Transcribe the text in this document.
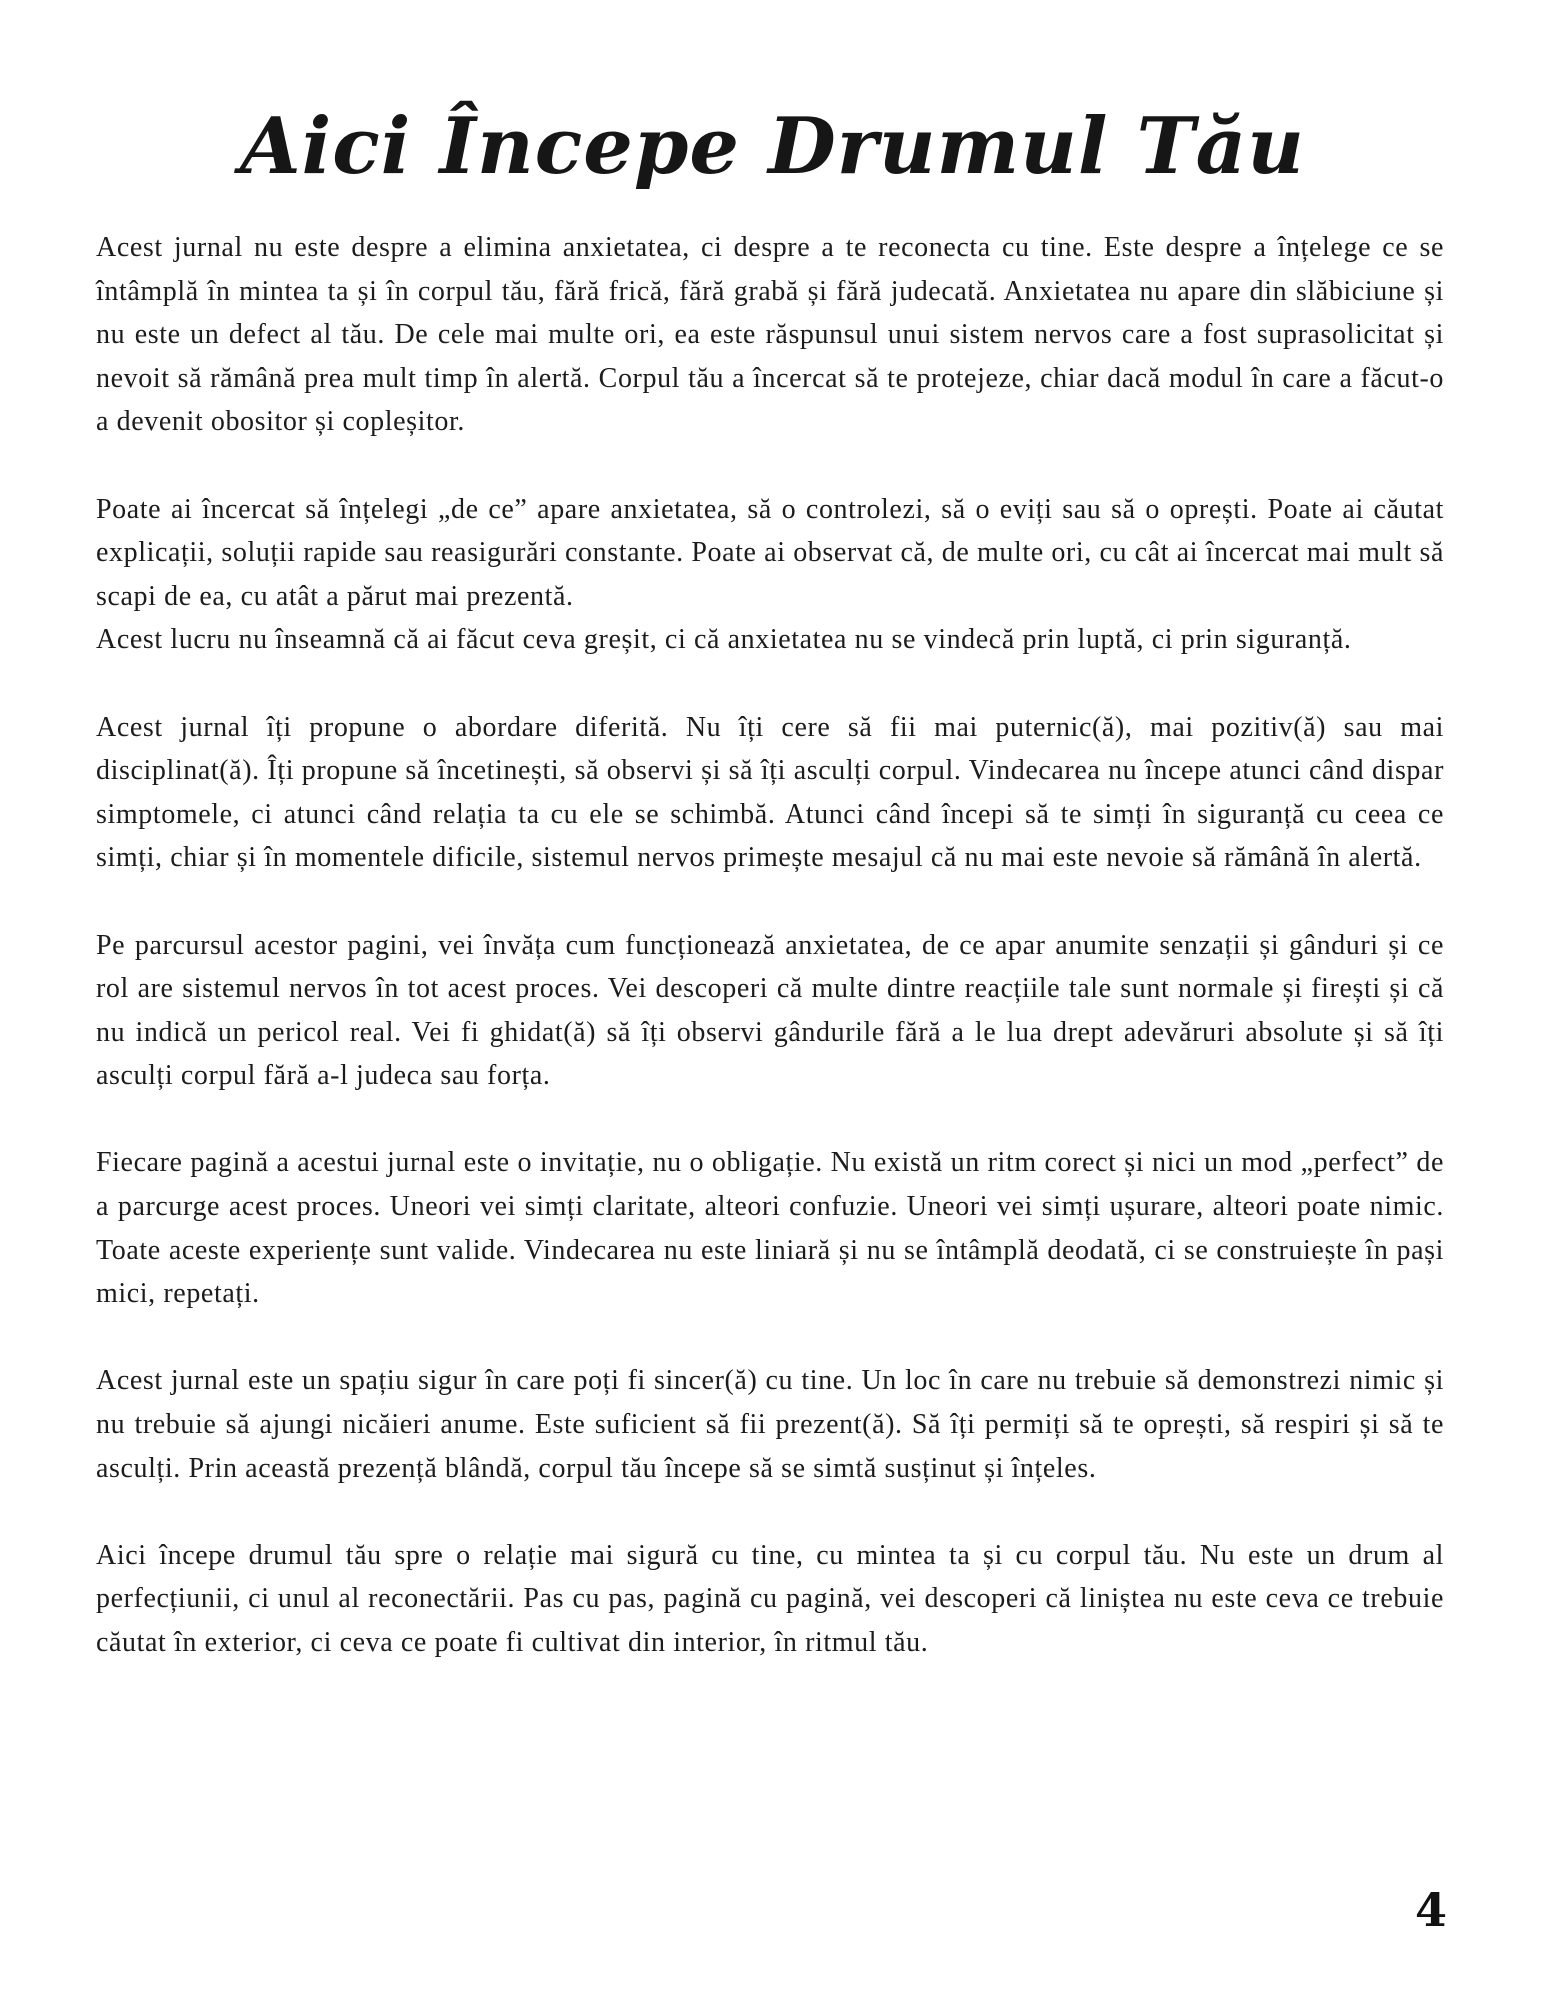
Aici Începe Drumul Tău

Acest jurnal nu este despre a elimina anxietatea, ci despre a te reconecta cu tine. Este despre a înțelege ce se întâmplă în mintea ta și în corpul tău, fără frică, fără grabă și fără judecată. Anxietatea nu apare din slăbiciune și nu este un defect al tău. De cele mai multe ori, ea este răspunsul unui sistem nervos care a fost suprasolicitat și nevoit să rămână prea mult timp în alertă. Corpul tău a încercat să te protejeze, chiar dacă modul în care a făcut-o a devenit obositor și copleșitor.

Poate ai încercat să înțelegi „de ce” apare anxietatea, să o controlezi, să o eviți sau să o oprești. Poate ai căutat explicații, soluții rapide sau reasigurări constante. Poate ai observat că, de multe ori, cu cât ai încercat mai mult să scapi de ea, cu atât a părut mai prezentă.

Acest lucru nu înseamnă că ai făcut ceva greșit, ci că anxietatea nu se vindecă prin luptă, ci prin siguranță.

Acest jurnal îți propune o abordare diferită. Nu îți cere să fii mai puternic(ă), mai pozitiv(ă) sau mai disciplinat(ă). Îți propune să încetinești, să observi și să îți asculți corpul. Vindecarea nu începe atunci când dispar simptomele, ci atunci când relația ta cu ele se schimbă. Atunci când începi să te simți în siguranță cu ceea ce simți, chiar și în momentele dificile, sistemul nervos primește mesajul că nu mai este nevoie să rămână în alertă.

Pe parcursul acestor pagini, vei învăța cum funcționează anxietatea, de ce apar anumite senzații și gânduri și ce rol are sistemul nervos în tot acest proces. Vei descoperi că multe dintre reacțiile tale sunt normale și firești și că nu indică un pericol real. Vei fi ghidat(ă) să îți observi gândurile fără a le lua drept adevăruri absolute și să îți asculți corpul fără a-l judeca sau forța.

Fiecare pagină a acestui jurnal este o invitație, nu o obligație. Nu există un ritm corect și nici un mod „perfect” de a parcurge acest proces. Uneori vei simți claritate, alteori confuzie. Uneori vei simți ușurare, alteori poate nimic. Toate aceste experiențe sunt valide. Vindecarea nu este liniară și nu se întâmplă deodată, ci se construiește în pași mici, repetați.

Acest jurnal este un spațiu sigur în care poți fi sincer(ă) cu tine. Un loc în care nu trebuie să demonstrezi nimic și nu trebuie să ajungi nicăieri anume. Este suficient să fii prezent(ă). Să îți permiți să te oprești, să respiri și să te asculți. Prin această prezență blândă, corpul tău începe să se simtă susținut și înțeles.

Aici începe drumul tău spre o relație mai sigură cu tine, cu mintea ta și cu corpul tău. Nu este un drum al perfecțiunii, ci unul al reconectării. Pas cu pas, pagină cu pagină, vei descoperi că liniștea nu este ceva ce trebuie căutat în exterior, ci ceva ce poate fi cultivat din interior, în ritmul tău.

4
